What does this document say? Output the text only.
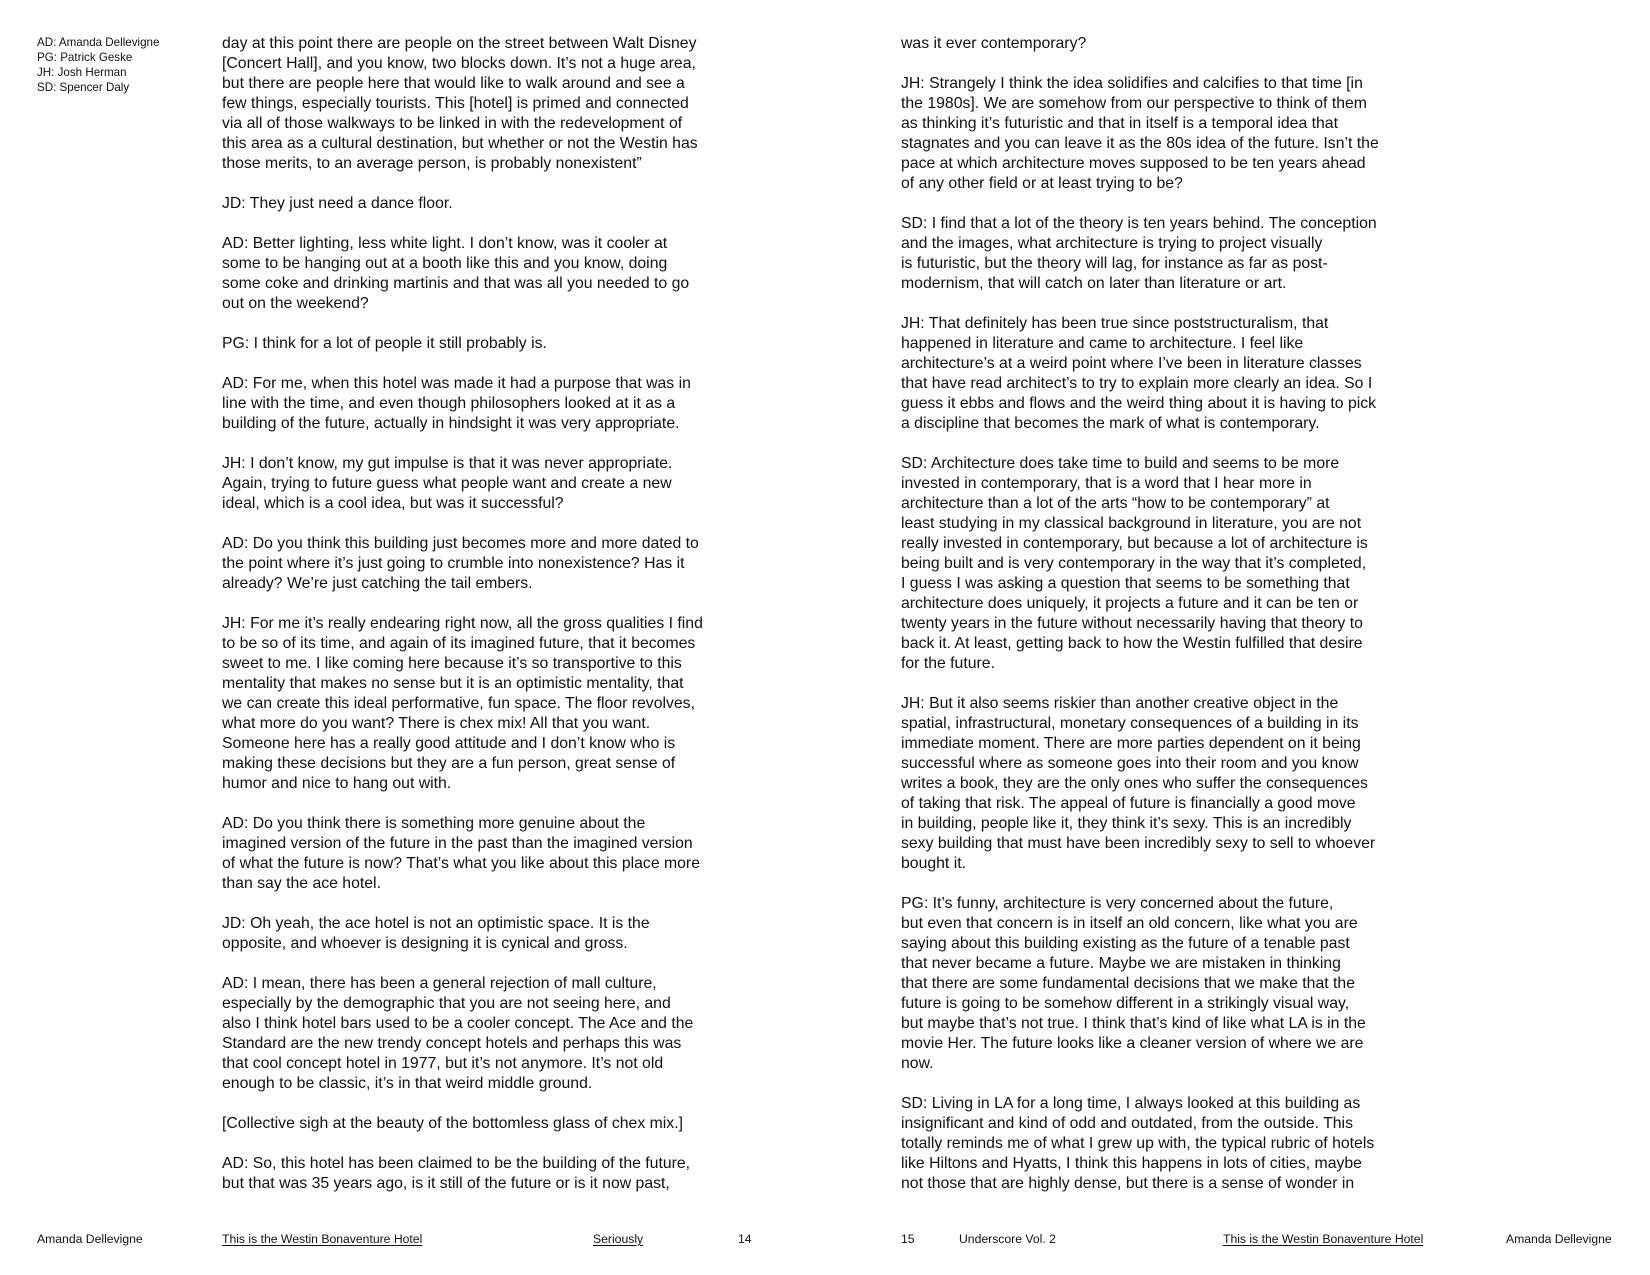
AD: Amanda Dellevigne
PG: Patrick Geske
JH: Josh Herman
SD: Spencer Daly

day at this point there are people on the street between Walt Disney
[Concert Hall], and you know, two blocks down. It’s not a huge area,
but there are people here that would like to walk around and see a
few things, especially tourists. This [hotel] is primed and connected
via all of those walkways to be linked in with the redevelopment of
this area as a cultural destination, but whether or not the Westin has
those merits, to an average person, is probably nonexistent”

JD: They just need a dance floor.

AD: Better lighting, less white light. I don’t know, was it cooler at
some to be hanging out at a booth like this and you know, doing
some coke and drinking martinis and that was all you needed to go
out on the weekend?

PG: I think for a lot of people it still probably is.

AD: For me, when this hotel was made it had a purpose that was in
line with the time, and even though philosophers looked at it as a
building of the future, actually in hindsight it was very appropriate.

JH: I don’t know, my gut impulse is that it was never appropriate.
Again, trying to future guess what people want and create a new
ideal, which is a cool idea, but was it successful?

AD: Do you think this building just becomes more and more dated to
the point where it’s just going to crumble into nonexistence? Has it
already? We’re just catching the tail embers.

JH: For me it’s really endearing right now, all the gross qualities I find
to be so of its time, and again of its imagined future, that it becomes
sweet to me. I like coming here because it’s so transportive to this
mentality that makes no sense but it is an optimistic mentality, that
we can create this ideal performative, fun space. The floor revolves,
what more do you want? There is chex mix! All that you want.
Someone here has a really good attitude and I don’t know who is
making these decisions but they are a fun person, great sense of
humor and nice to hang out with.

AD: Do you think there is something more genuine about the
imagined version of the future in the past than the imagined version
of what the future is now? That’s what you like about this place more
than say the ace hotel.

JD: Oh yeah, the ace hotel is not an optimistic space. It is the
opposite, and whoever is designing it is cynical and gross.

AD: I mean, there has been a general rejection of mall culture,
especially by the demographic that you are not seeing here, and
also I think hotel bars used to be a cooler concept. The Ace and the
Standard are the new trendy concept hotels and perhaps this was
that cool concept hotel in 1977, but it’s not anymore. It’s not old
enough to be classic, it’s in that weird middle ground.

[Collective sigh at the beauty of the bottomless glass of chex mix.]

AD: So, this hotel has been claimed to be the building of the future,
but that was 35 years ago, is it still of the future or is it now past,

was it ever contemporary?

JH: Strangely I think the idea solidifies and calcifies to that time [in
the 1980s]. We are somehow from our perspective to think of them
as thinking it’s futuristic and that in itself is a temporal idea that
stagnates and you can leave it as the 80s idea of the future. Isn’t the
pace at which architecture moves supposed to be ten years ahead
of any other field or at least trying to be?

SD: I find that a lot of the theory is ten years behind. The conception
and the images, what architecture is trying to project visually
is futuristic, but the theory will lag, for instance as far as post-
modernism, that will catch on later than literature or art.

JH: That definitely has been true since poststructuralism, that
happened in literature and came to architecture. I feel like
architecture’s at a weird point where I’ve been in literature classes
that have read architect’s to try to explain more clearly an idea. So I
guess it ebbs and flows and the weird thing about it is having to pick
a discipline that becomes the mark of what is contemporary.

SD: Architecture does take time to build and seems to be more
invested in contemporary, that is a word that I hear more in
architecture than a lot of the arts “how to be contemporary” at
least studying in my classical background in literature, you are not
really invested in contemporary, but because a lot of architecture is
being built and is very contemporary in the way that it’s completed,
I guess I was asking a question that seems to be something that
architecture does uniquely, it projects a future and it can be ten or
twenty years in the future without necessarily having that theory to
back it. At least, getting back to how the Westin fulfilled that desire
for the future.

JH: But it also seems riskier than another creative object in the
spatial, infrastructural, monetary consequences of a building in its
immediate moment. There are more parties dependent on it being
successful where as someone goes into their room and you know
writes a book, they are the only ones who suffer the consequences
of taking that risk. The appeal of future is financially a good move
in building, people like it, they think it’s sexy. This is an incredibly
sexy building that must have been incredibly sexy to sell to whoever
bought it.

PG: It’s funny, architecture is very concerned about the future,
but even that concern is in itself an old concern, like what you are
saying about this building existing as the future of a tenable past
that never became a future. Maybe we are mistaken in thinking
that there are some fundamental decisions that we make that the
future is going to be somehow different in a strikingly visual way,
but maybe that’s not true. I think that’s kind of like what LA is in the
movie Her. The future looks like a cleaner version of where we are
now.

SD: Living in LA for a long time, I always looked at this building as
insignificant and kind of odd and outdated, from the outside. This
totally reminds me of what I grew up with, the typical rubric of hotels
like Hiltons and Hyatts, I think this happens in lots of cities, maybe
not those that are highly dense, but there is a sense of wonder in

Amanda Dellevigne	This is the Westin Bonaventure Hotel	Seriously	14	15	Underscore Vol. 2	This is the Westin Bonaventure Hotel	Amanda Dellevigne
